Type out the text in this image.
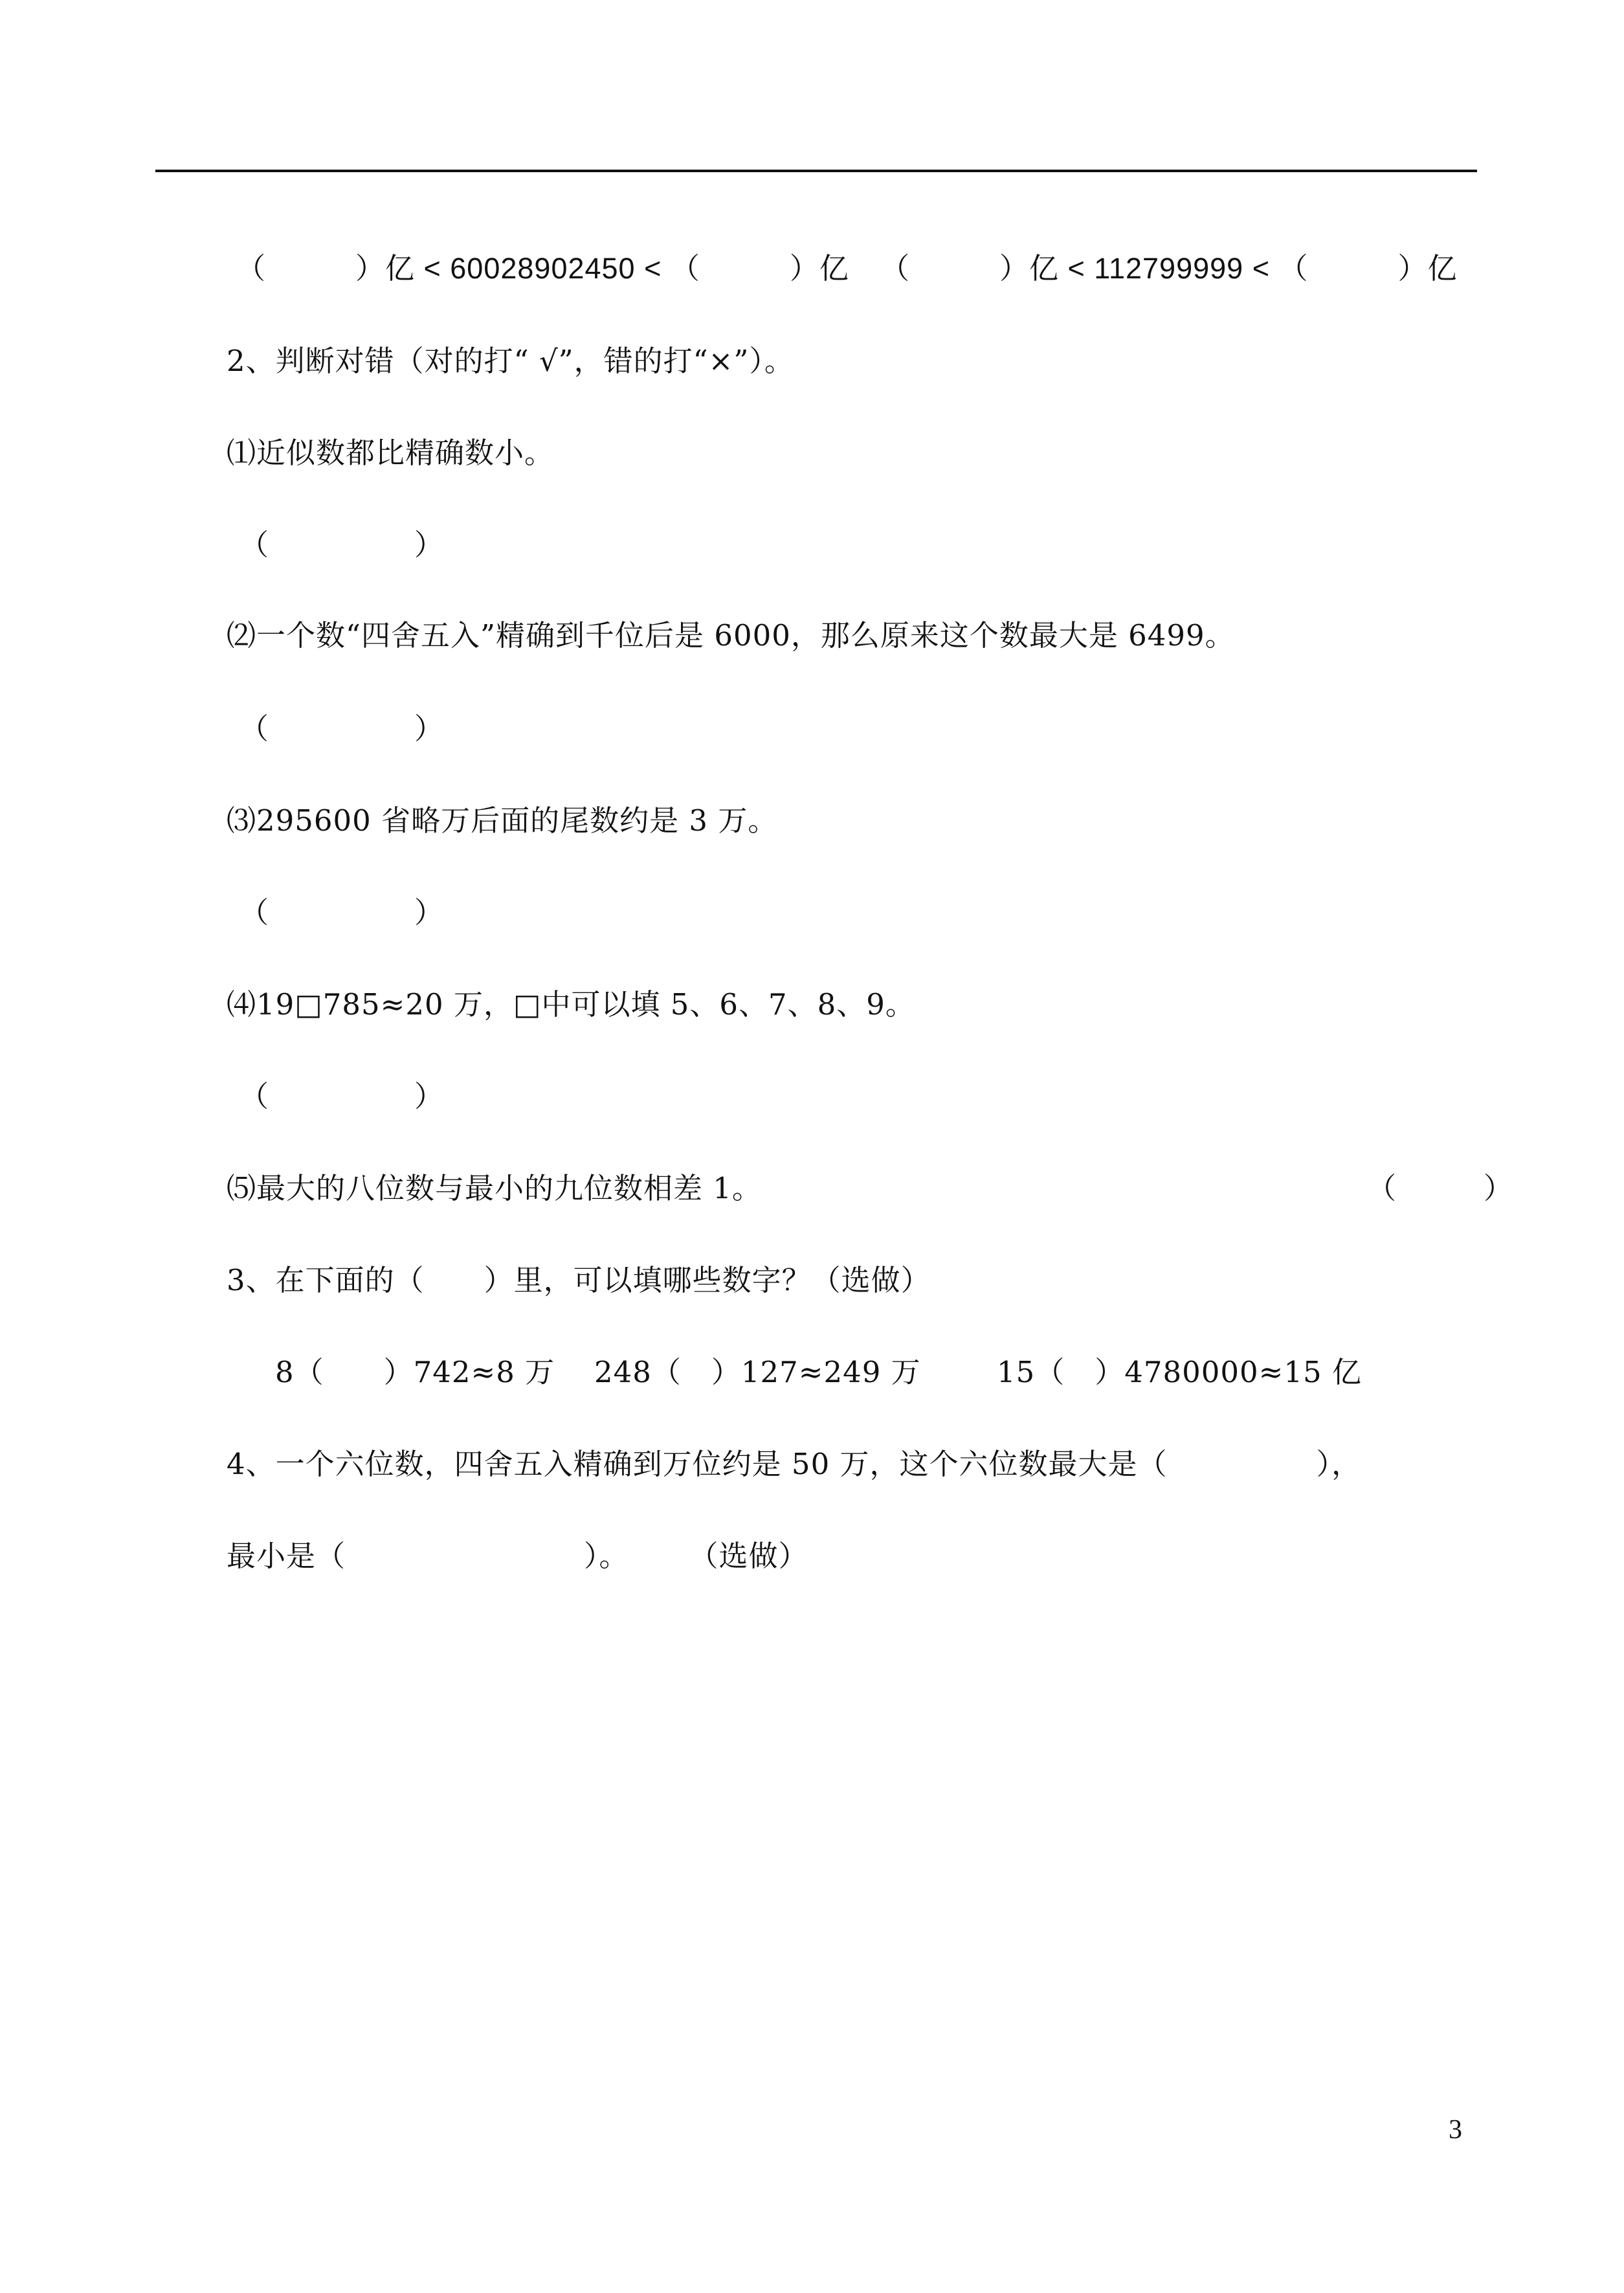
（　　　）亿 < 60028902450 < （　　　）亿 （　　　）亿 < 112799999 < （　　　）亿
2、判断对错（对的打“ √”，错的打“×”）。
⑴近似数都比精确数小。
（　　　　　）
⑵一个数“四舍五入”精确到千位后是 6000，那么原来这个数最大是 6499。
（　　　　　）
⑶295600 省略万后面的尾数约是 3 万。
（　　　　　）
⑷19□785≈20 万，□中可以填 5、6、7、8、9。
（　　　　　）
⑸最大的八位数与最小的九位数相差 1。	（　　　）
3、在下面的（　　）里，可以填哪些数字？（选做）
8（　　）742≈8 万 248（　）127≈249 万	15（　）4780000≈15 亿
4、一个六位数，四舍五入精确到万位约是 50 万，这个六位数最大是（　　　　　），
最小是（　　　　　　　　）。　　　（选做）
3
